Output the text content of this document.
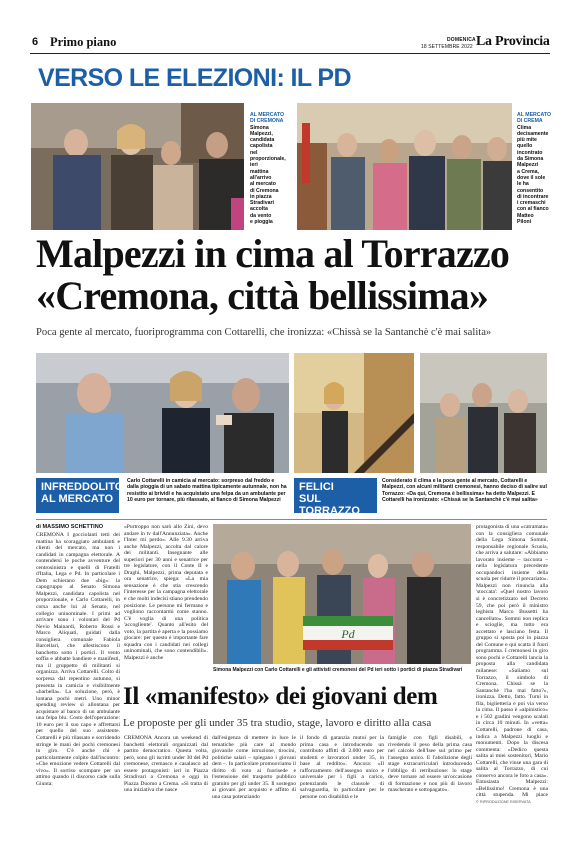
6 Primo piano	DOMENICA
18 SETTEMBRE 2022 La Provincia
VERSO LE ELEZIONI: IL PD
AL MERCATO
DI CREMONA
Simona
Malpezzi,
candidata
capolista
nel
proporzionale,
ieri
mattina
all'arrivo
al mercato
di Cremona
in piazza
Stradivari
accolta
da vento
e pioggia
AL MERCATO
DI CREMA
Clima
decisamente
più mite
quello
incontrato
da Simona
Malpezzi
a Crema,
dove il sole
le ha
consentito
di incontrare
i cremaschi
con al fianco
Matteo
Piloni
Malpezzi in cima al Torrazzo
«Cremona, città bellissima»
Poca gente al mercato, fuoriprogramma con Cottarelli, che ironizza: «Chissà se la Santanchè c'è mai salita»
INFREDDOLITO
AL MERCATO
Carlo Cottarelli in camicia al mercato: sorpreso dal freddo e dalla pioggia di un sabato mattina tipicamente autunnale, non ha resistito ai brividi e ha acquistato una felpa da un ambulante per 10 euro per tornare, più rilassato, al fianco di Simona Malpezzi
FELICI
SUL TORRAZZO
Considerato il clima e la poca gente al mercato, Cottarelli e Malpezzi, con alcuni militanti cremonesi, hanno deciso di salire sul Torrazzo: «Da qui, Cremona è bellissima» ha detto Malpezzi. E Cottarelli ha ironizzato: «Chissà se la Santanchè c'è mai salita»
di MASSIMO SCHETTINO
CREMONA I gocciolanti tetti dei mattina ha scoraggiato ambulanti e clienti del mercato, ma non i candidati in campagna elettorale. A contendersi le poche avventure del centrosinistra e quelli di Fratelli d'Italia, Lega e Pd. In particolare i Dem schierano due «big»: la capogruppo al Senato Simona Malpezzi, candidata capolista nel proporzionale, e Carlo Cottarelli, in corsa anche lui al Senato, nel collegio uninominale. I primi ad arrivare sono i volontari del Pd Nevio Mainardi, Roberto Rossi e Marco Aliquati, guidati dalla consigliera comunale Fabiola Barcellari, che allestiscono il banchetto sotto i portici. Il vento soffia e abbatte bandiere e manifesti, ma il gruppetto di militanti si organizza. Arriva Cottarelli. Colto di sorpresa dal repentino autunno, si presenta in camicia e visibilmente «barbella». La soluzione, però, è lontana pochi metri. Uno minor spending review si allontana per acquistare al banco di un ambulante una felpa blu. Costo dell'operazione: 10 euro per il suo capo e affrettarsi per quello del suo assistente. Cottarelli è più rilassato e sorridendo stringe le mani dei pochi cremonesi in giro. C'è anche chi è particolarmente colpito dall'incontro: «Che emozione vedere Cottarelli dal vivo». Il sorriso scompare per un attimo quando il discorso cade sulla Giunta:
«Purtroppo non sarò allo Zini, devo andare in tv dall'Annunziata». Anche l'Inter mi perdo». Alle 9.30 arriva anche Malpezzi, accolta dal calore dei militanti. Insegnante alle superiori per 30 anni e senatrice per tre legislature, con il Conte II e Draghi, Malpezzi, prima deputata e ora senatrice, spiega: «La mia sensazione è che stia crescendo l'interesse per la campagna elettorale e che molti indecisi stiano prendendo posizione. Le persone mi fermano e vogliono raccontarmi come stanno. C'è voglia di una politica 'accogliente'. Quanto all'esito del voto, la partita è aperta e la possiamo giocare: per questo è importante fare squadra con i candidati nei collegi uninominali, che sono contendibili». Malpezzi è anche
Pd
Simona Malpezzi con Carlo Cottarelli e gli attivisti cremonesi del Pd ieri sotto i portici di piazza Stradivari
protagonista di una «catramata» con la consigliera comunale della Lega Simona Sommi, responsabile regionale Scuola, che arriva a salutare: «Abbiamo lavorato insieme – racconta – nella legislatura precedente occupandoci insieme della scuola per ridurre il precariato». Malpezzi non rinuncia alla 'stoccata': «Quel nostro lavoro si è concretizzato nel Decreto 59, che poi però il ministro leghista Marco Bussetti ha cancellato». Sommi non replica e scioglie, ma tutto era accettato e lasciano festa. Il gruppo si sposta poi in piazza del Comune e qui scatta il fuori programma. I cremonesi in giro sono pochi e Cottarelli lancia la proposta alla candidata milanese: «Saliamo sul Torrazzo, il simbolo di Cremona. Chissà se la Santanchè l'ha mai fatto?», ironizza. Detto, fatto. Turni in fila, biglietteria e poi via verso la cima. Il passo è «alpinistico» e i 502 gradini vengono scalati in circa 10 minuti. In «vetta» Cottarelli, padrone di casa, indica a Malpezzi luoghi e monumenti. Dopo la discesa commenta: «Dedico questa salita ai miei sostenitori, Mario Cottarelli, che vinse una gara di salita al Torrazzo, di cui conservo ancora le foto a casa». Entusiasta Malpezzi: «Bellissimo! Cremona è una città stupenda. Mi piace
© RIPRODUZIONE RISERVATA
Il «manifesto» dei giovani dem
Le proposte per gli under 35 tra studio, stage, lavoro e diritto alla casa
CREMONA Ancora un weekend di banchetti elettorali organizzati dal partito democratico. Questa volta, però, sono gli iscritti under 30 del Pd cremonese, cremasco e casalasco ad essere protagonisti: ieri in Piazza Stradivari a Cremona e oggi in Piazza Duomo a Crema. «Si tratta di una iniziativa che nasce
dall'esigenza di mettere in luce le tematiche più care al mondo giovanile come istruzione, tirocini, politiche salari – spiegano i giovani dem –. In particolare promuoviamo il diritto di voto ai fuorisede e l'estensione del trasporto pubblico gratuito per gli under 35. Il sostegno ai giovani per acquisto e affitto di una casa potenziando
il fondo di garanzia mutui per la prima casa e introducendo un contributo affitti di 2.000 euro per studenti e lavoratori under 35, in base al reddito». Ancora: «Il rafforzamento dell'assegno unico e universale per i figli a carico, potenziando le clausole di salvaguardia, in particolare per le persone con disabilità e le
famiglie con figli disabili, e rivedendo il peso della prima casa nel calcolo dell'Isee sul primo per l'assegno unico. E l'abolizione degli stage extracurriculari introducendo l'obbligo di retribuzione: lo stage deve tornare ad essere un'occasione di formazione e non più di lavoro mascherato e sottopagato».
